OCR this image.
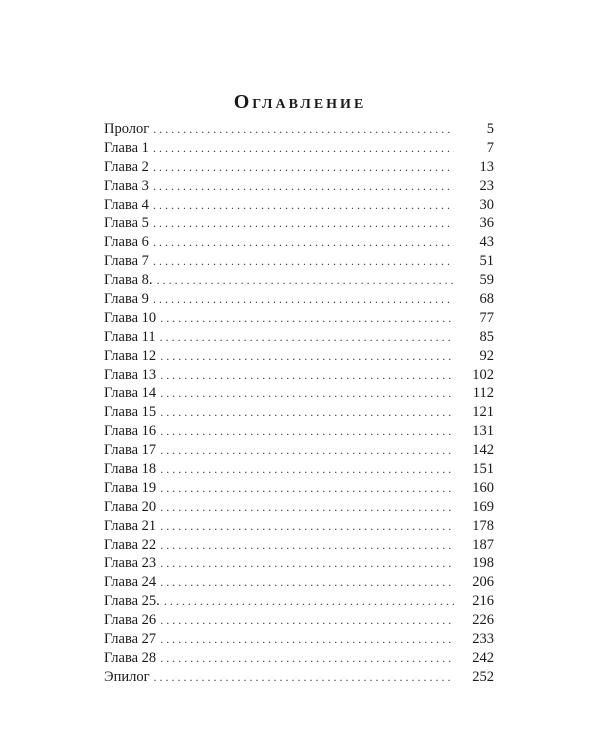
Оглавление
Пролог . . .	5
Глава 1 . . .	7
Глава 2 . . .	13
Глава 3 . . .	23
Глава 4 . . .	30
Глава 5 . . .	36
Глава 6 . . .	43
Глава 7 . . .	51
Глава 8. . . .	59
Глава 9 . . .	68
Глава 10 . . .	77
Глава 11 . . .	85
Глава 12 . . .	92
Глава 13 . . .	102
Глава 14 . . .	112
Глава 15 . . .	121
Глава 16 . . .	131
Глава 17 . . .	142
Глава 18 . . .	151
Глава 19 . . .	160
Глава 20 . . .	169
Глава 21 . . .	178
Глава 22 . . .	187
Глава 23 . . .	198
Глава 24 . . .	206
Глава 25. . . .	216
Глава 26 . . .	226
Глава 27 . . .	233
Глава 28 . . .	242
Эпилог . . .	252
